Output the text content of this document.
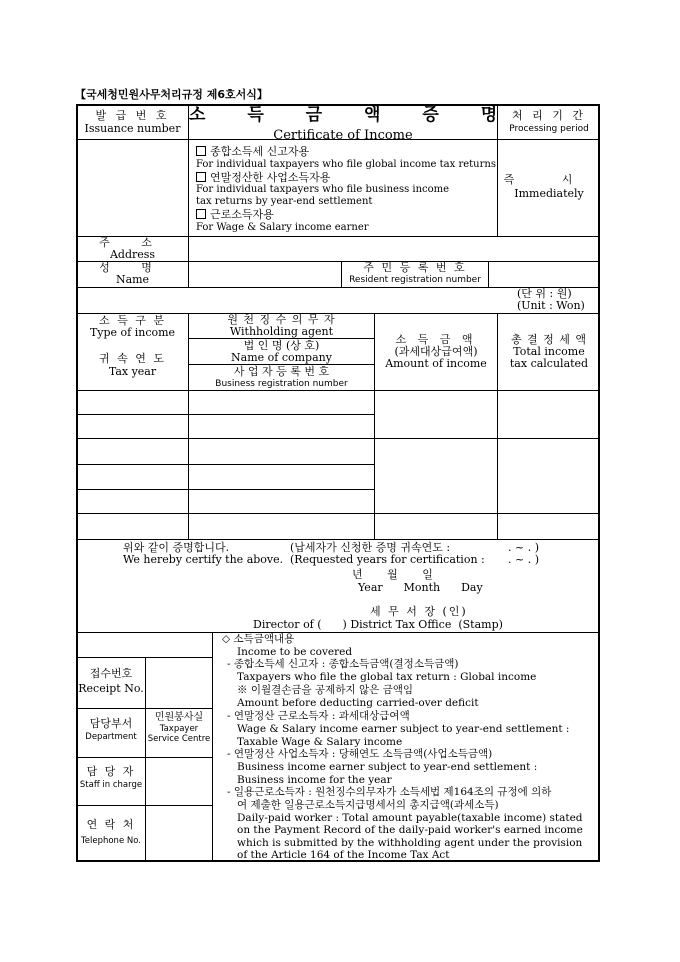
【국세청민원사무처리규정 제6호서식】
발 급 번 호
Issuance number
소 득 금 액 증 명
Certificate of Income
처 리 기 간
Processing period
종합소득세 신고자용
For individual taxpayers who file global income tax returns
연말정산한 사업소득자용
For individual taxpayers who file business income
tax returns by year-end settlement
근로소득자용
For Wage & Salary income earner
즉 시
Immediately
주 소
Address
성 명
Name
주 민 등 록 번 호
Resident registration number
(단 위 : 원)
(Unit : Won)
소 득 구 분
Type of income
귀 속 연 도
Tax year
원 천 징 수 의 무 자
Withholding agent
법 인 명 (상 호)
Name of company
사 업 자 등 록 번 호
Business registration number
소 득 금 액
(과세대상급여액)
Amount of income
총 결 정 세 액
Total income
tax calculated
위와 같이 증명합니다.	(납세자가 신청한 증명 귀속연도 :	. ~ . )
We hereby certify the above. (Requested years for certification : . ~ . )
년       월       일
Year      Month      Day
세 무 서 장 (인)
Director of (      ) District Tax Office  (Stamp)
접수번호
Receipt No.
담당부서
Department
민원봉사실
Taxpayer
Service Centre
담 당 자
Staff in charge
연 락 처
Telephone No.
◇ 소득금액내용
Income to be covered
- 종합소득세 신고자 : 종합소득금액(결정소득금액)
Taxpayers who file the global tax return : Global income
※ 이월결손금을 공제하지 않은 금액임
Amount before deducting carried-over deficit
- 연말정산 근로소득자 : 과세대상급여액
Wage & Salary income earner subject to year-end settlement :
Taxable Wage & Salary income
- 연말정산 사업소득자 : 당해연도 소득금액(사업소득금액)
Business income earner subject to year-end settlement :
Business income for the year
- 일용근로소득자 : 원천징수의무자가 소득세법 제164조의 규정에 의하
여 제출한 일용근로소득지급명세서의 총지급액(과세소득)
Daily-paid worker : Total amount payable(taxable income) stated
on the Payment Record of the daily-paid worker's earned income
which is submitted by the withholding agent under the provision
of the Article 164 of the Income Tax Act
